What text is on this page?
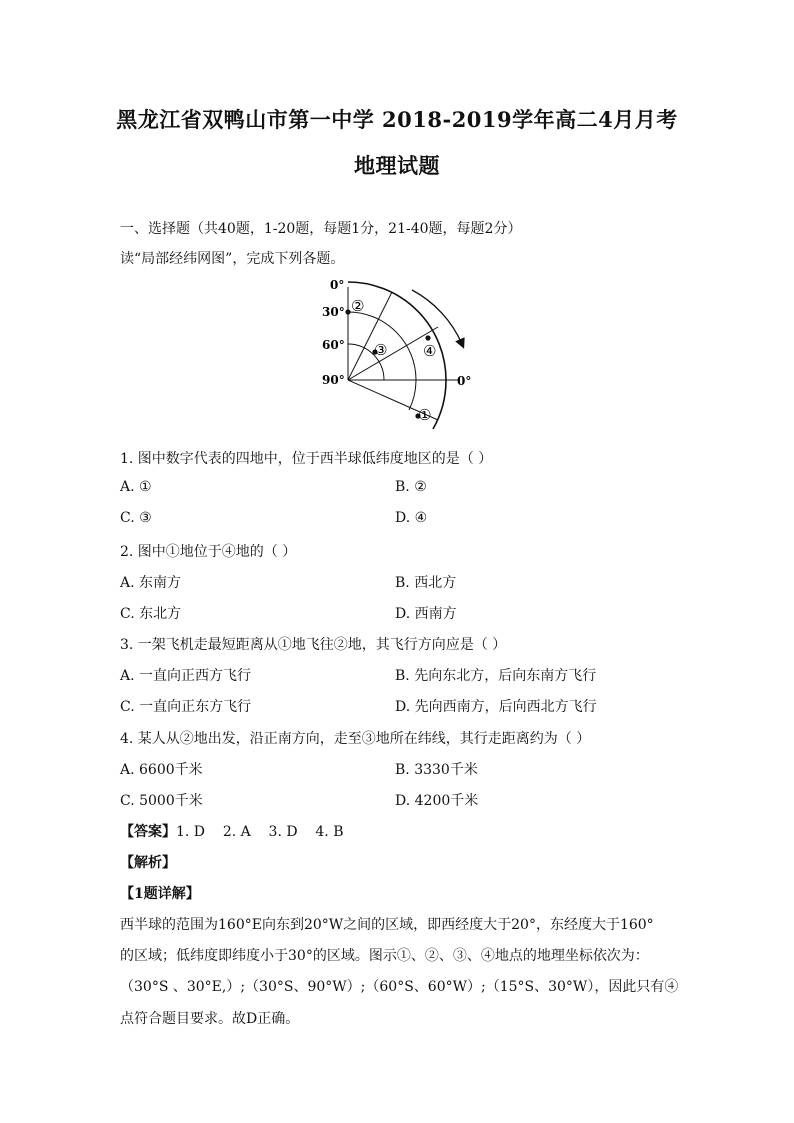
黑龙江省双鸭山市第一中学 2018-2019学年高二4月月考
地理试题
一、选择题（共40题，1-20题，每题1分，21-40题，每题2分）
读“局部经纬网图”，完成下列各题。
0°
30°
60°
90°	0°
②
③ ④
①
1. 图中数字代表的四地中，位于西半球低纬度地区的是（ ）
A. ①	B. ②
C. ③	D. ④
2. 图中①地位于④地的（ ）
A. 东南方	B. 西北方
C. 东北方	D. 西南方
3. 一架飞机走最短距离从①地飞往②地，其飞行方向应是（ ）
A. 一直向正西方飞行	B. 先向东北方，后向东南方飞行
C. 一直向正东方飞行	D. 先向西南方，后向西北方飞行
4. 某人从②地出发，沿正南方向，走至③地所在纬线，其行走距离约为（ ）
A. 6600千米	B. 3330千米
C. 5000千米	D. 4200千米
【答案】1. D    2. A    3. D    4. B
【解析】
【1题详解】
西半球的范围为160°E向东到20°W之间的区域，即西经度大于20°，东经度大于160°
的区域；低纬度即纬度小于30°的区域。图示①、②、③、④地点的地理坐标依次为：
（30°S 、30°E,）;（30°S、90°W）;（60°S、60°W）;（15°S、30°W），因此只有④
点符合题目要求。故D正确。
